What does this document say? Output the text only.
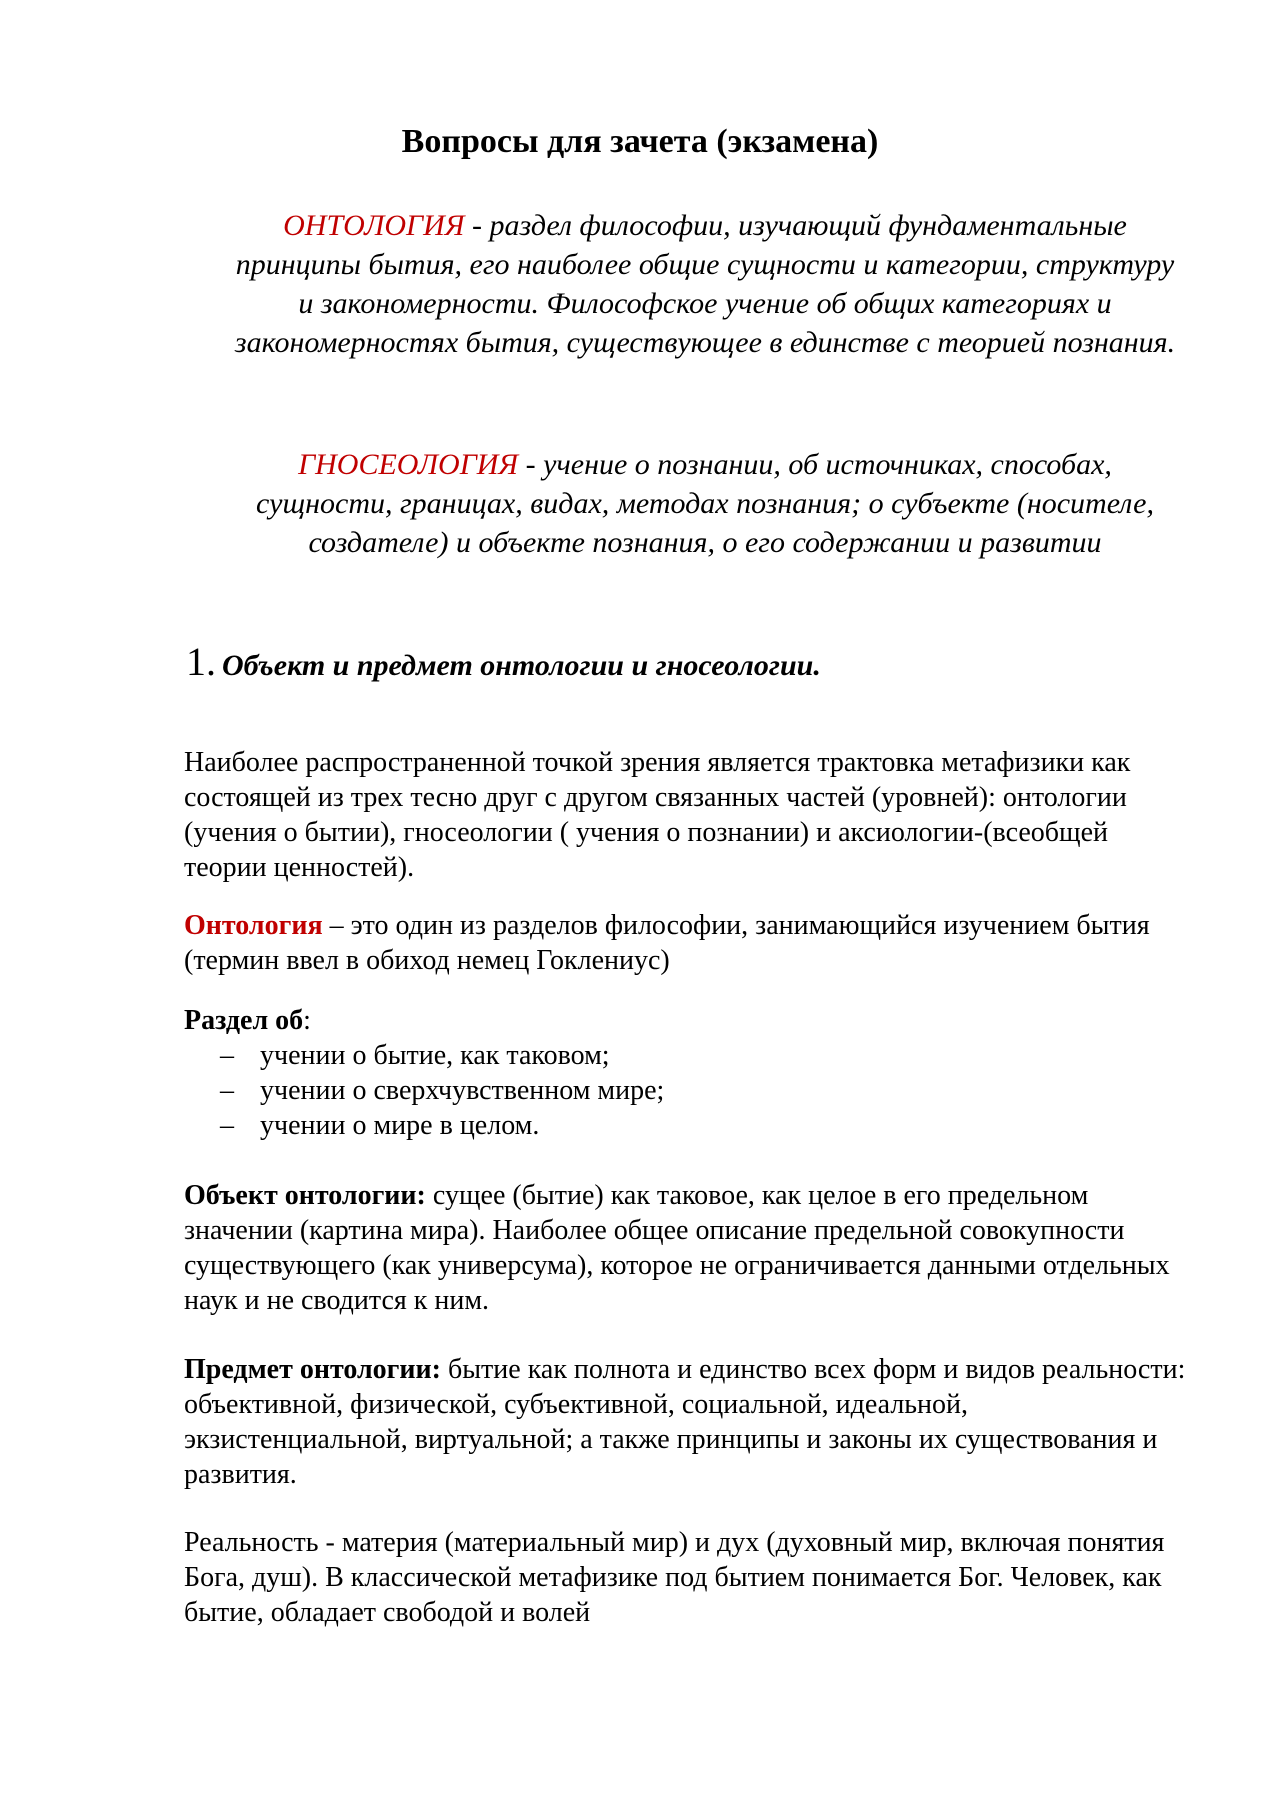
Вопросы для зачета (экзамена)
ОНТОЛОГИЯ - раздел философии, изучающий фундаментальные принципы бытия, его наиболее общие сущности и категории, структуру и закономерности. Философское учение об общих категориях и закономерностях бытия, существующее в единстве с теорией познания.
ГНОСЕОЛОГИЯ - учение о познании, об источниках, способах, сущности, границах, видах, методах познания; о субъекте (носителе, создателе) и объекте познания, о его содержании и развитии
1. Объект и предмет онтологии и гносеологии.
Наиболее распространенной точкой зрения является трактовка метафизики как состоящей из трех тесно друг с другом связанных частей (уровней): онтологии (учения о бытии), гносеологии ( учения о познании) и аксиологии-(всеобщей теории ценностей).
Онтология – это один из разделов философии, занимающийся изучением бытия (термин ввел в обиход немец Гоклениус)
Раздел об:
– учении о бытие, как таковом;
– учении о сверхчувственном мире;
– учении о мире в целом.
Объект онтологии: сущее (бытие) как таковое, как целое в его предельном значении (картина мира). Наиболее общее описание предельной совокупности существующего (как универсума), которое не ограничивается данными отдельных наук и не сводится к ним.
Предмет онтологии: бытие как полнота и единство всех форм и видов реальности: объективной, физической, субъективной, социальной, идеальной, экзистенциальной, виртуальной; а также принципы и законы их существования и развития.
Реальность - материя (материальный мир) и дух (духовный мир, включая понятия Бога, душ). В классической метафизике под бытием понимается Бог. Человек, как бытие, обладает свободой и волей
